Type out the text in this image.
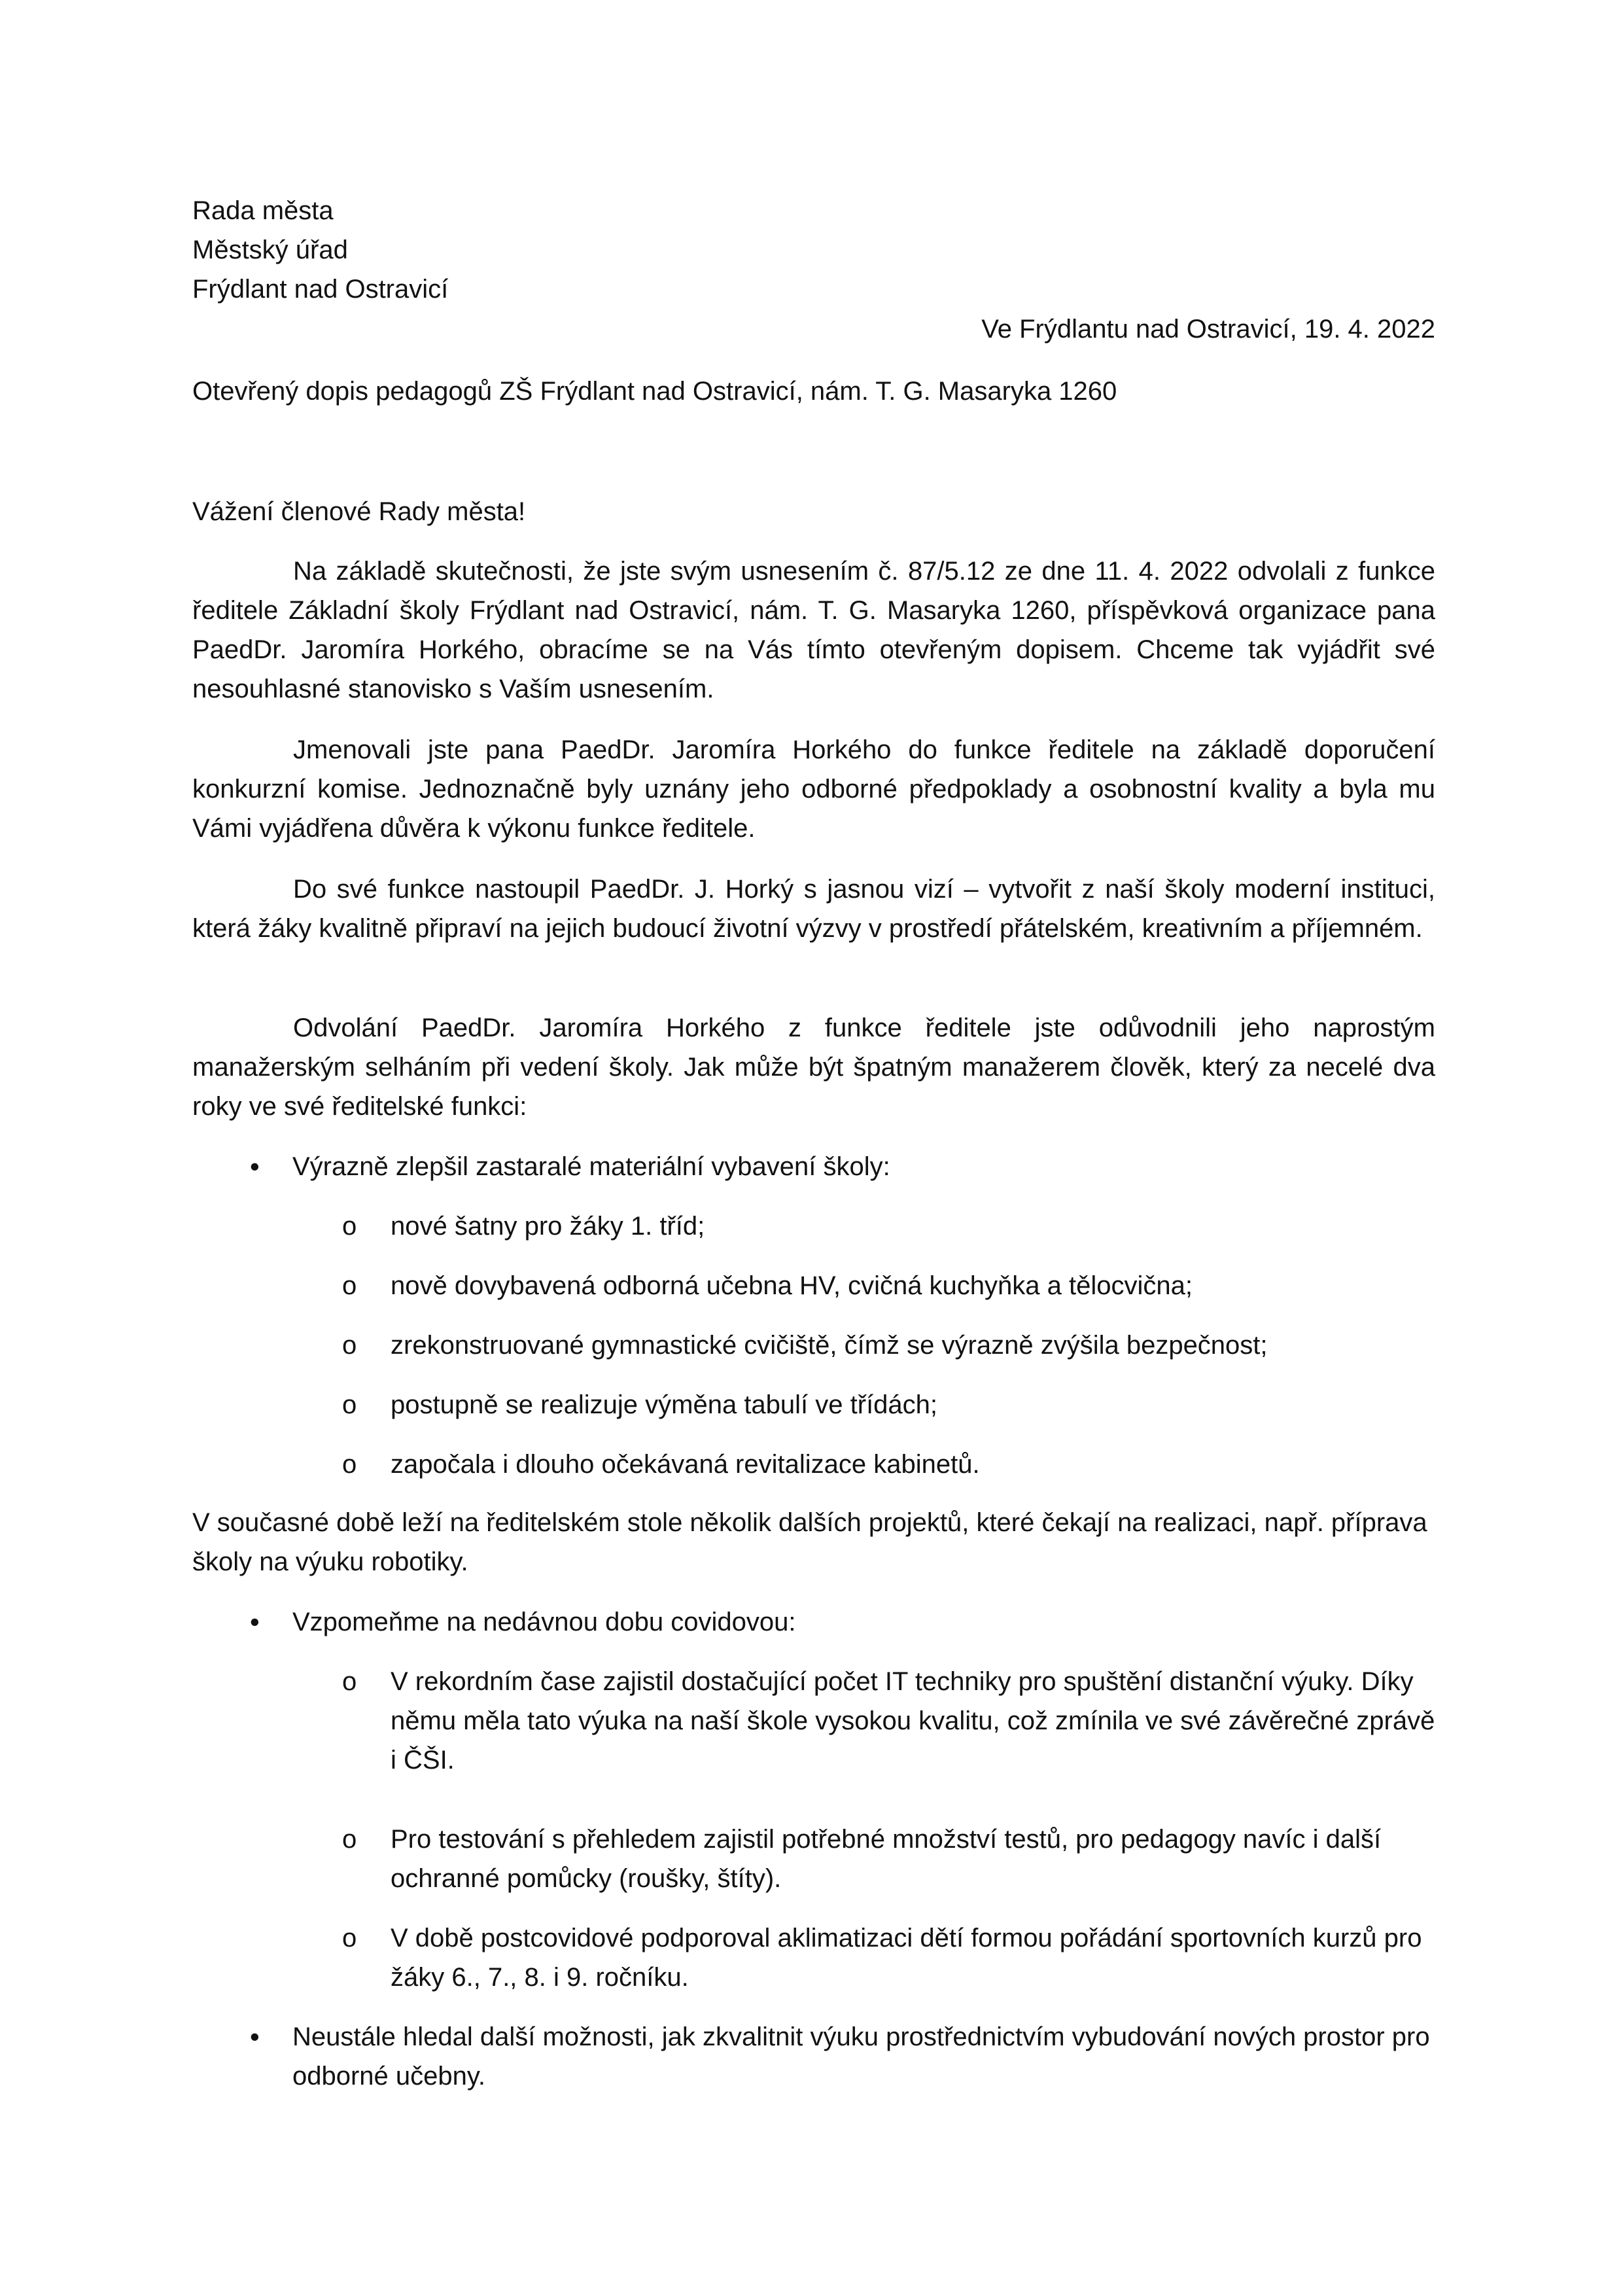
Rada města
Městský úřad
Frýdlant nad Ostravicí

Ve Frýdlantu nad Ostravicí, 19. 4. 2022

Otevřený dopis pedagogů ZŠ Frýdlant nad Ostravicí, nám. T. G. Masaryka 1260

Vážení členové Rady města!

Na základě skutečnosti, že jste svým usnesením č. 87/5.12 ze dne 11. 4. 2022 odvolali z funkce ředitele Základní školy Frýdlant nad Ostravicí, nám. T. G. Masaryka 1260, příspěvková organizace pana PaedDr. Jaromíra Horkého, obracíme se na Vás tímto otevřeným dopisem. Chceme tak vyjádřit své nesouhlasné stanovisko s Vaším usnesením.

Jmenovali jste pana PaedDr. Jaromíra Horkého do funkce ředitele na základě doporučení konkurzní komise. Jednoznačně byly uznány jeho odborné předpoklady a osobnostní kvality a byla mu Vámi vyjádřena důvěra k výkonu funkce ředitele.

Do své funkce nastoupil PaedDr. J. Horký s jasnou vizí – vytvořit z naší školy moderní instituci, která žáky kvalitně připraví na jejich budoucí životní výzvy v prostředí přátelském, kreativním a příjemném.

Odvolání PaedDr. Jaromíra Horkého z funkce ředitele jste odůvodnili jeho naprostým manažerským selháním při vedení školy. Jak může být špatným manažerem člověk, který za necelé dva roky ve své ředitelské funkci:

• Výrazně zlepšil zastaralé materiální vybavení školy:

o nové šatny pro žáky 1. tříd;

o nově dovybavená odborná učebna HV, cvičná kuchyňka a tělocvična;

o zrekonstruované gymnastické cvičiště, čímž se výrazně zvýšila bezpečnost;

o postupně se realizuje výměna tabulí ve třídách;

o započala i dlouho očekávaná revitalizace kabinetů.

V současné době leží na ředitelském stole několik dalších projektů, které čekají na realizaci, např. příprava školy na výuku robotiky.

• Vzpomeňme na nedávnou dobu covidovou:

o V rekordním čase zajistil dostačující počet IT techniky pro spuštění distanční výuky. Díky němu měla tato výuka na naší škole vysokou kvalitu, což zmínila ve své závěrečné zprávě i ČŠI.

o Pro testování s přehledem zajistil potřebné množství testů, pro pedagogy navíc i další ochranné pomůcky (roušky, štíty).

o V době postcovidové podporoval aklimatizaci dětí formou pořádání sportovních kurzů pro žáky 6., 7., 8. i 9. ročníku.

• Neustále hledal další možnosti, jak zkvalitnit výuku prostřednictvím vybudování nových prostor pro odborné učebny.
